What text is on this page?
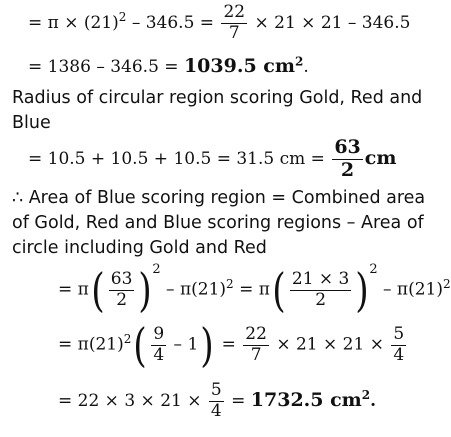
= $\pi \times (21)^2 - 346.5 = \frac{22}{7} \times 21 \times 21 - 346.5$
= 1386 – 346.5 = 1039.5 $cm^2$.
Radius of circular region scoring Gold, Red and
Blue
= 10.5 + 10.5 + 10.5 = 31.5 cm = $\frac{63}{2}$ cm
∴ Area of Blue scoring region = Combined area
of Gold, Red and Blue scoring regions – Area of
circle including Gold and Red
= $\pi( \frac{63}{2} )^2 - \pi(21)^2 = \pi( \frac{21 \times 3}{2} )^2 - \pi(21)^2$
= $\pi(21)^2( \frac{9}{4} - 1) = \frac{22}{7} \times 21 \times 21 \times \frac{5}{4}$
= $22 \times 3 \times 21 \times \frac{5}{4} = 1732.5$ $cm^2$.
